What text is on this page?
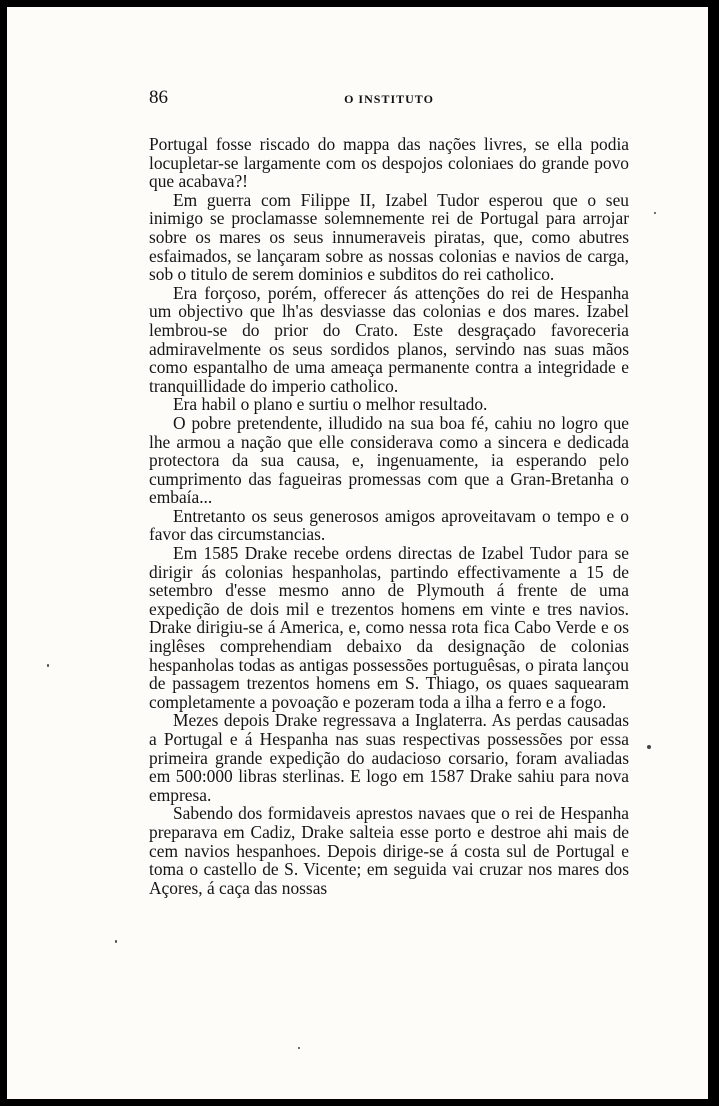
86	O INSTITUTO

Portugal fosse riscado do mappa das nações livres, se ella podia locupletar-se largamente com os despojos coloniaes do grande povo que acabava?!

Em guerra com Filippe II, Izabel Tudor esperou que o seu inimigo se proclamasse solemnemente rei de Portugal para arrojar sobre os mares os seus innumeraveis piratas, que, como abutres esfaimados, se lançaram sobre as nossas colonias e navios de carga, sob o titulo de serem dominios e subditos do rei catholico.

Era forçoso, porém, offerecer ás attenções do rei de Hespanha um objectivo que lh'as desviasse das colonias e dos mares. Izabel lembrou-se do prior do Crato. Este desgraçado favoreceria admiravelmente os seus sordidos planos, servindo nas suas mãos como espantalho de uma ameaça permanente contra a integridade e tranquillidade do imperio catholico.

Era habil o plano e surtiu o melhor resultado.

O pobre pretendente, illudido na sua boa fé, cahiu no logro que lhe armou a nação que elle considerava como a sincera e dedicada protectora da sua causa, e, ingenuamente, ia esperando pelo cumprimento das fagueiras promessas com que a Gran-Bretanha o embaía...

Entretanto os seus generosos amigos aproveitavam o tempo e o favor das circumstancias.

Em 1585 Drake recebe ordens directas de Izabel Tudor para se dirigir ás colonias hespanholas, partindo effectivamente a 15 de setembro d'esse mesmo anno de Plymouth á frente de uma expedição de dois mil e trezentos homens em vinte e tres navios. Drake dirigiu-se á America, e, como nessa rota fica Cabo Verde e os inglêses comprehendiam debaixo da designação de colonias hespanholas todas as antigas possessões portuguêsas, o pirata lançou de passagem trezentos homens em S. Thiago, os quaes saquearam completamente a povoação e pozeram toda a ilha a ferro e a fogo.

Mezes depois Drake regressava a Inglaterra. As perdas causadas a Portugal e á Hespanha nas suas respectivas possessões por essa primeira grande expedição do audacioso corsario, foram avaliadas em 500:000 libras sterlinas. E logo em 1587 Drake sahiu para nova empresa.

Sabendo dos formidaveis aprestos navaes que o rei de Hespanha preparava em Cadiz, Drake salteia esse porto e destroe ahi mais de cem navios hespanhoes. Depois dirige-se á costa sul de Portugal e toma o castello de S. Vicente; em seguida vai cruzar nos mares dos Açores, á caça das nossas
